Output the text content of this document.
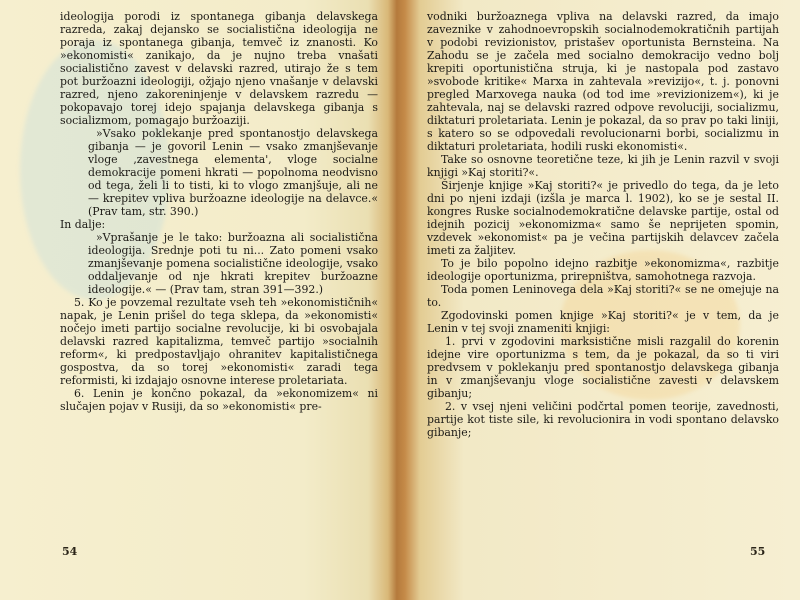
ideologija porodi iz spontanega gibanja delavskega razreda, zakaj dejansko se socialistična ideologija ne poraja iz spontanega gibanja, temveč iz znanosti. Ko »ekonomisti« zanikajo, da je nujno treba vnašati socialistično zavest v delavski razred, utirajo že s tem pot buržoazni ideologiji, ožjajo njeno vnašanje v delavski razred, njeno zakoreninjenje v delavskem razredu — pokopavajo torej idejo spajanja delavskega gibanja s socializmom, pomagajo buržoaziji.

»Vsako poklekanje pred spontanostjo delavskega gibanja — je govoril Lenin — vsako zmanjševanje vloge ,zavestnega elementa', vloge socialne demokracije pomeni hkrati — popolnoma neodvisno od tega, želi li to tisti, ki to vlogo zmanjšuje, ali ne — krepitev vpliva buržoazne ideologije na delavce.« (Prav tam, str. 390.)

In dalje:

»Vprašanje je le tako: buržoazna ali socialistična ideologija. Srednje poti tu ni... Zato pomeni vsako zmanjševanje pomena socialistične ideologije, vsako oddaljevanje od nje hkrati krepitev buržoazne ideologije.« — (Prav tam, stran 391—392.)

5. Ko je povzemal rezultate vseh teh »ekonomističnih« napak, je Lenin prišel do tega sklepa, da »ekonomisti« nočejo imeti partijo socialne revolucije, ki bi osvobajala delavski razred kapitalizma, temveč partijo »socialnih reform«, ki predpostavljajo ohranitev kapitalističnega gospostva, da so torej »ekonomisti« zaradi tega reformisti, ki izdajajo osnovne interese proletariata.

6. Lenin je končno pokazal, da »ekonomizem« ni slučajen pojav v Rusiji, da so »ekonomisti« pre-

54

vodniki buržoaznega vpliva na delavski razred, da imajo zaveznike v zahodnoevropskih socialnodemokratičnih partijah v podobi revizionistov, pristašev oportunista Bernsteina. Na Zahodu se je začela med socialno demokracijo vedno bolj krepiti oportunistična struja, ki je nastopala pod zastavo »svobode kritike« Marxa in zahtevala »revizijo«, t. j. ponovni pregled Marxovega nauka (od tod ime »revizionizem«), ki je zahtevala, naj se delavski razred odpove revoluciji, socializmu, diktaturi proletariata. Lenin je pokazal, da so prav po taki liniji, s katero so se odpovedali revolucionarni borbi, socializmu in diktaturi proletariata, hodili ruski ekonomisti«.

Take so osnovne teoretične teze, ki jih je Lenin razvil v svoji knjigi »Kaj storiti?«.

Širjenje knjige »Kaj storiti?« je privedlo do tega, da je leto dni po njeni izdaji (izšla je marca l. 1902), ko se je sestal II. kongres Ruske socialnodemokratične delavske partije, ostal od idejnih pozicij »ekonomizma« samo še neprijeten spomin, vzdevek »ekonomist« pa je večina partijskih delavcev začela imeti za žaljitev.

To je bilo popolno idejno razbitje »ekonomizma«, razbitje ideologije oportunizma, prirepništva, samohotnega razvoja.

Toda pomen Leninovega dela »Kaj storiti?« se ne omejuje na to.

Zgodovinski pomen knjige »Kaj storiti?« je v tem, da je Lenin v tej svoji znameniti knjigi:

1. prvi v zgodovini marksistične misli razgalil do korenin idejne vire oportunizma s tem, da je pokazal, da so ti viri predvsem v poklekanju pred spontanostjo delavskega gibanja in v zmanjševanju vloge socialistične zavesti v delavskem gibanju;

2. v vsej njeni veličini podčrtal pomen teorije, zavednosti, partije kot tiste sile, ki revolucionira in vodi spontano delavsko gibanje;

55
